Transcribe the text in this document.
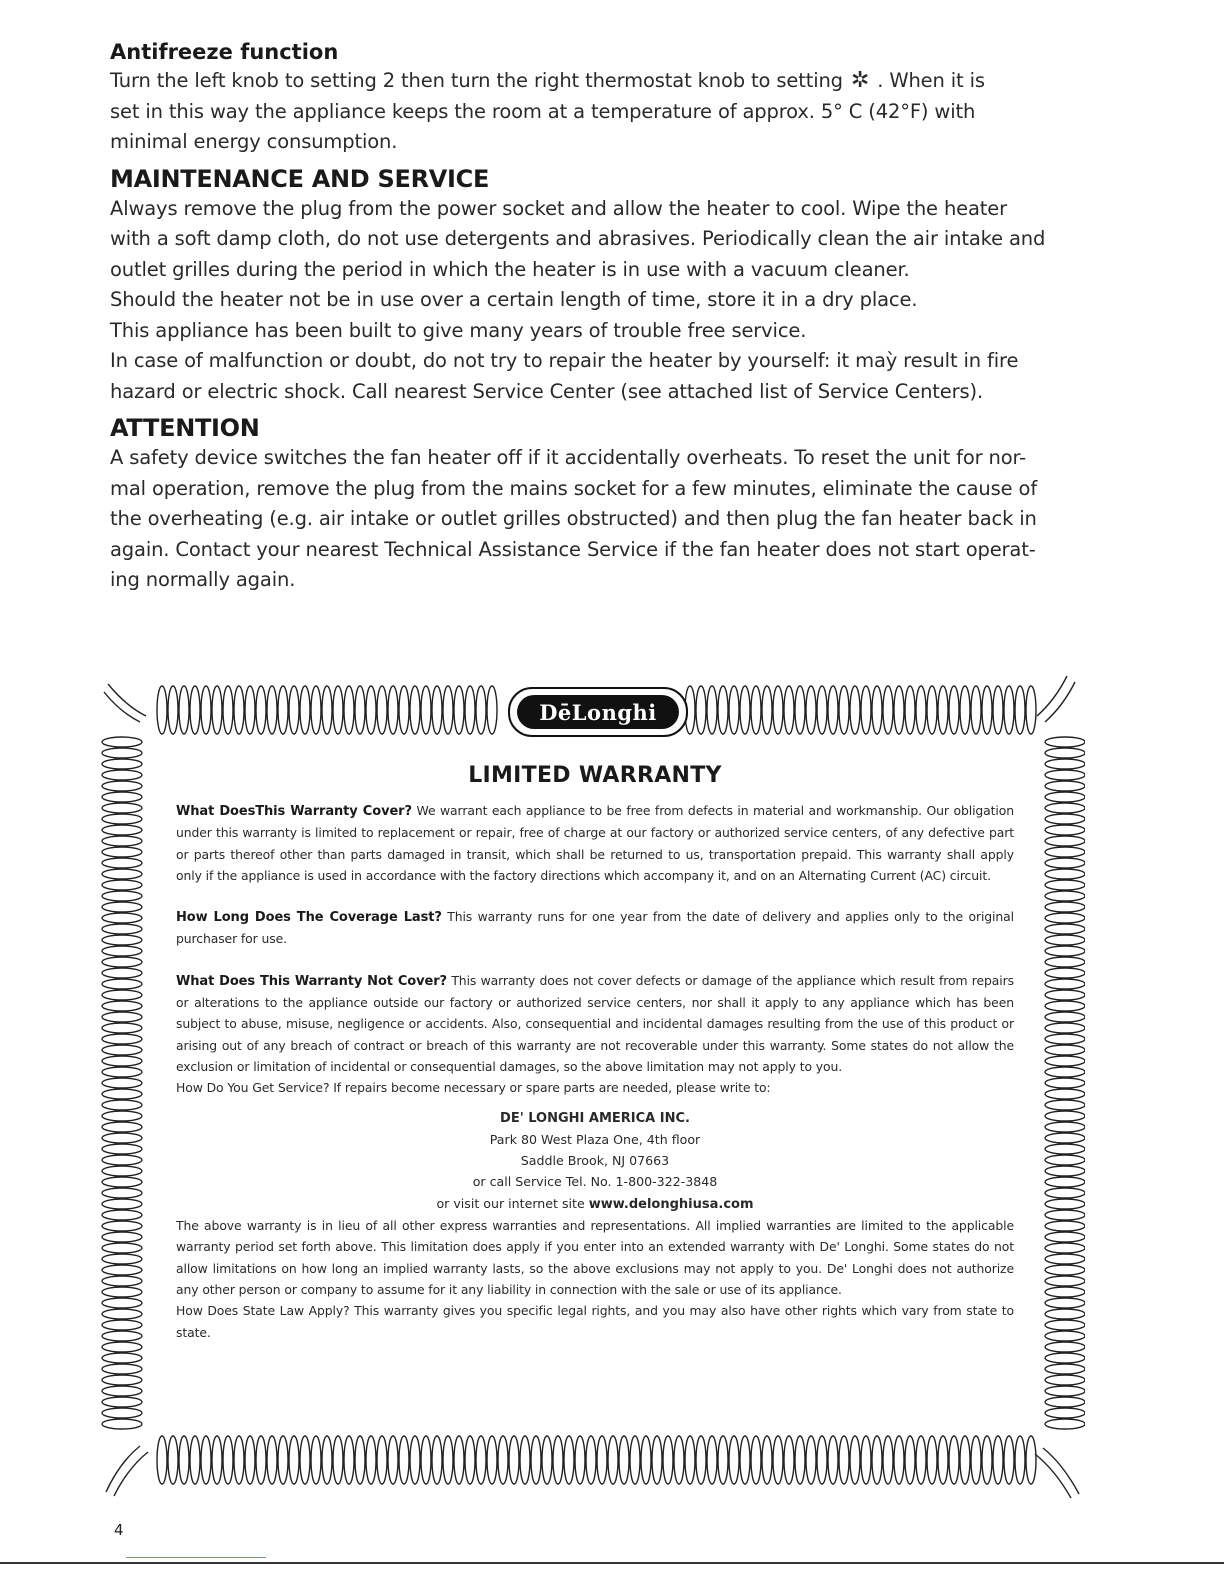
Antifreeze function

Turn the left knob to setting 2 then turn the right thermostat knob to setting ✲ . When it is
set in this way the appliance keeps the room at a temperature of approx. 5° C (42°F) with
minimal energy consumption.

MAINTENANCE AND SERVICE

Always remove the plug from the power socket and allow the heater to cool. Wipe the heater
with a soft damp cloth, do not use detergents and abrasives. Periodically clean the air intake and
outlet grilles during the period in which the heater is in use with a vacuum cleaner.
Should the heater not be in use over a certain length of time, store it in a dry place.
This appliance has been built to give many years of trouble free service.
In case of malfunction or doubt, do not try to repair the heater by yourself: it maỳ result in fire
hazard or electric shock. Call nearest Service Center (see attached list of Service Centers).

ATTENTION

A safety device switches the fan heater off if it accidentally overheats. To reset the unit for nor-
mal operation, remove the plug from the mains socket for a few minutes, eliminate the cause of
the overheating (e.g. air intake or outlet grilles obstructed) and then plug the fan heater back in
again. Contact your nearest Technical Assistance Service if the fan heater does not start operat-
ing normally again.

DēLonghi
LIMITED WARRANTY

What DoesThis Warranty Cover? We warrant each appliance to be free from defects in material and workmanship. Our obligation under this warranty is limited to replacement or repair, free of charge at our factory or authorized service centers, of any defective part or parts thereof other than parts damaged in transit, which shall be returned to us, transportation prepaid. This warranty shall apply only if the appliance is used in accordance with the factory directions which accompany it, and on an Alternating Current (AC) circuit.

How Long Does The Coverage Last? This warranty runs for one year from the date of delivery and applies only to the original purchaser for use.

What Does This Warranty Not Cover? This warranty does not cover defects or damage of the appliance which result from repairs or alterations to the appliance outside our factory or authorized service centers, nor shall it apply to any appliance which has been subject to abuse, misuse, negligence or accidents. Also, consequential and incidental damages resulting from the use of this product or arising out of any breach of contract or breach of this warranty are not recoverable under this warranty. Some states do not allow the exclusion or limitation of incidental or consequential damages, so the above limitation may not apply to you.

How Do You Get Service? If repairs become necessary or spare parts are needed, please write to:

DE' LONGHI AMERICA INC.
Park 80 West Plaza One, 4th floor
Saddle Brook, NJ 07663
or call Service Tel. No. 1-800-322-3848
or visit our internet site www.delonghiusa.com

The above warranty is in lieu of all other express warranties and representations. All implied warranties are limited to the applicable warranty period set forth above. This limitation does apply if you enter into an extended warranty with De' Longhi. Some states do not allow limitations on how long an implied warranty lasts, so the above exclusions may not apply to you. De' Longhi does not authorize any other person or company to assume for it any liability in connection with the sale or use of its appliance.

How Does State Law Apply? This warranty gives you specific legal rights, and you may also have other rights which vary from state to state.

4
